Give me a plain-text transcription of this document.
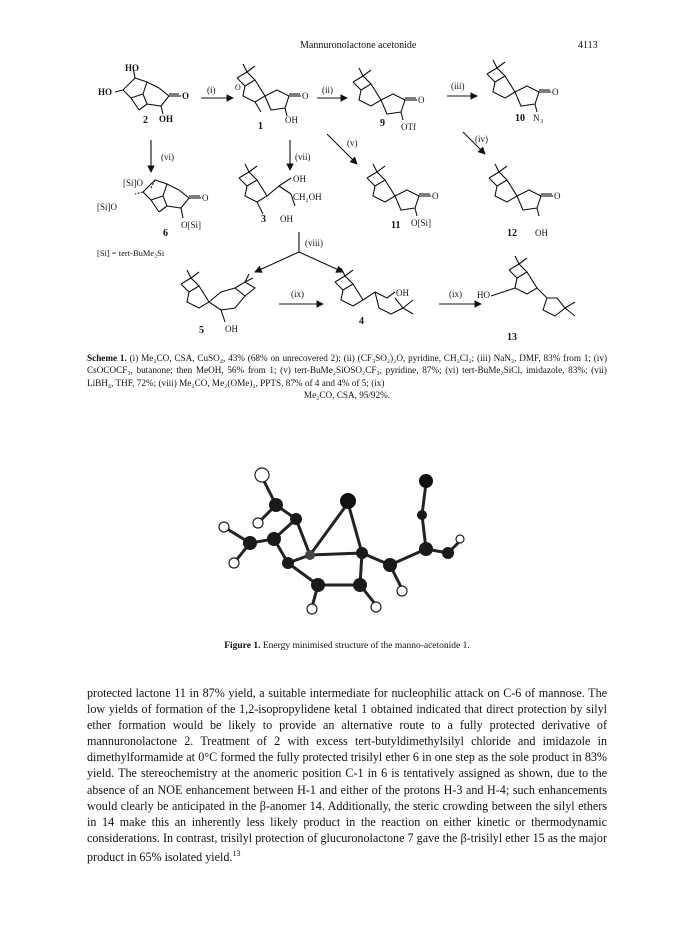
Mannuronolactone acetonide	4113
HO
HO	O
OH
2
(i) O
O
OH
1
(ii)
O
OTf
9
(iii)
O
N 3
10
(vi)	(vii)
(v)	(iv)
[Si]O
[Si]O
O
O[Si]
6
[Si] = tert-BuMe₂Si
OH
CH₂OH
OH
3
O
O[Si]
11
O
OH
12
(viii)
OH
5
(ix)	OH
4
(ix) HO
13
Scheme 1. (i) Me₂CO, CSA, CuSO₄, 43% (68% on unrecovered 2); (ii) (CF₃SO₂)₂O, pyridine, CH₂Cl₂; (iii) NaN₃, DMF, 83% from 1; (iv) CsOCOCF₃, butanone; then MeOH, 56% from 1; (v) tert-BuMe₂SiOSO₂CF₃, pyridine, 87%; (vi) tert-BuMe₂SiCl, imidazole, 83%; (vii) LiBH₄, THF, 72%; (viii) Me₂CO, Me₂(OMe)₂, PPTS, 87% of 4 and 4% of 5; (ix)
Me₂CO, CSA, 95/92%.
Figure 1. Energy minimised structure of the manno-acetonide 1.

protected lactone 11 in 87% yield, a suitable intermediate for nucleophilic attack on C-6 of mannose. The low yields of formation of the 1,2-isopropylidene ketal 1 obtained indicated that direct protection by silyl ether formation would be likely to provide an alternative route to a fully protected derivative of mannuronolactone 2. Treatment of 2 with excess tert-butyldimethylsilyl chloride and imidazole in dimethylformamide at 0°C formed the fully protected trisilyl ether 6 in one step as the sole product in 83% yield. The stereochemistry at the anomeric position C-1 in 6 is tentatively assigned as shown, due to the absence of an NOE enhancement between H-1 and either of the protons H-3 and H-4; such enhancements would clearly be anticipated in the β-anomer 14. Additionally, the steric crowding between the silyl ethers in 14 make this an inherently less likely product in the reaction on either kinetic or thermodynamic considerations. In contrast, trisilyl protection of glucuronolactone 7 gave the β-trisilyl ether 15 as the major product in 65% isolated yield.$^{13}$
